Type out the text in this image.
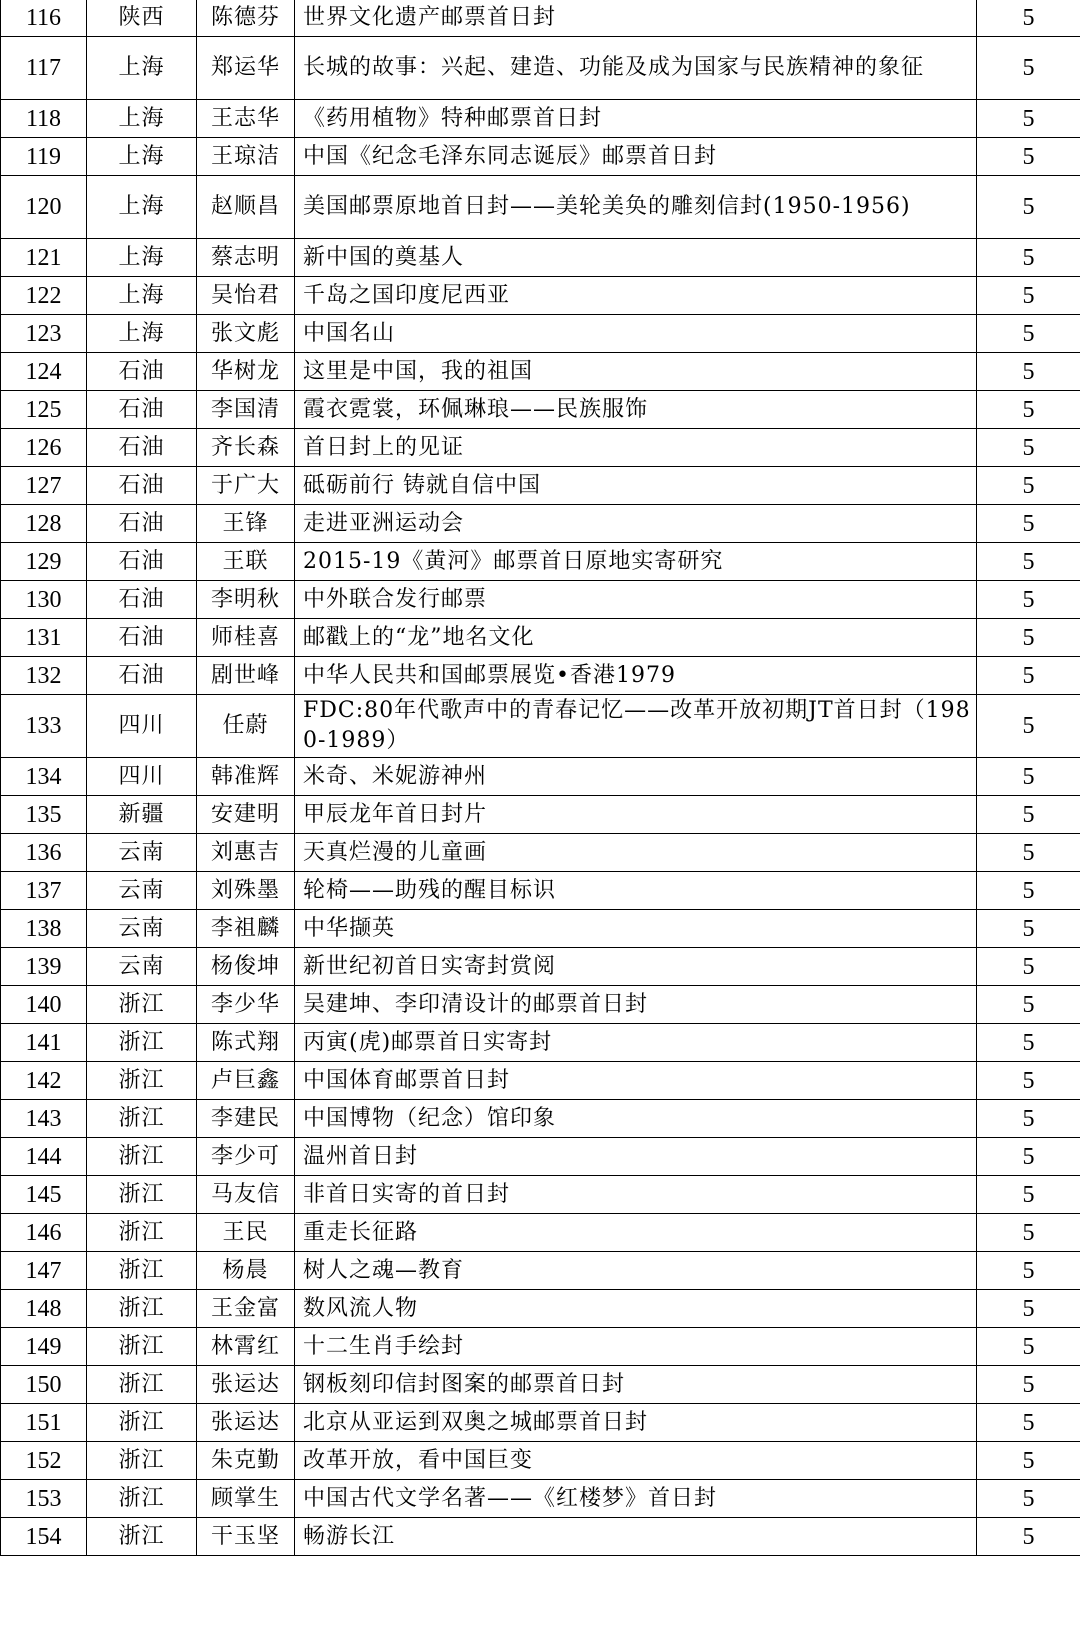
116	陕西	陈德芬	世界文化遗产邮票首日封	5
117	上海	郑运华	长城的故事：兴起、建造、功能及成为国家与民族精神的象征	5
118	上海	王志华	《药用植物》特种邮票首日封	5
119	上海	王琼洁	中国《纪念毛泽东同志诞辰》邮票首日封	5
120	上海	赵顺昌	美国邮票原地首日封——美轮美奂的雕刻信封(1950-1956)	5
121	上海	蔡志明	新中国的奠基人	5
122	上海	吴怡君	千岛之国印度尼西亚	5
123	上海	张文彪	中国名山	5
124	石油	华树龙	这里是中国，我的祖国	5
125	石油	李国清	霞衣霓裳，环佩琳琅——民族服饰	5
126	石油	齐长森	首日封上的见证	5
127	石油	于广大	砥砺前行 铸就自信中国	5
128	石油	王锋	走进亚洲运动会	5
129	石油	王联	2015-19《黄河》邮票首日原地实寄研究	5
130	石油	李明秋	中外联合发行邮票	5
131	石油	师桂喜	邮戳上的“龙”地名文化	5
132	石油	剧世峰	中华人民共和国邮票展览•香港1979	5
133	四川	任蔚	FDC:80年代歌声中的青春记忆——改革开放初期JT首日封（1980-1989）	5
134	四川	韩准辉	米奇、米妮游神州	5
135	新疆	安建明	甲辰龙年首日封片	5
136	云南	刘惠吉	天真烂漫的儿童画	5
137	云南	刘殊墨	轮椅——助残的醒目标识	5
138	云南	李祖麟	中华撷英	5
139	云南	杨俊坤	新世纪初首日实寄封赏阅	5
140	浙江	李少华	吴建坤、李印清设计的邮票首日封	5
141	浙江	陈式翔	丙寅(虎)邮票首日实寄封	5
142	浙江	卢巨鑫	中国体育邮票首日封	5
143	浙江	李建民	中国博物（纪念）馆印象	5
144	浙江	李少可	温州首日封	5
145	浙江	马友信	非首日实寄的首日封	5
146	浙江	王民	重走长征路	5
147	浙江	杨晨	树人之魂—教育	5
148	浙江	王金富	数风流人物	5
149	浙江	林霄红	十二生肖手绘封	5
150	浙江	张运达	钢板刻印信封图案的邮票首日封	5
151	浙江	张运达	北京从亚运到双奥之城邮票首日封	5
152	浙江	朱克勤	改革开放，看中国巨变	5
153	浙江	顾掌生	中国古代文学名著——《红楼梦》首日封	5
154	浙江	干玉坚	畅游长江	5
